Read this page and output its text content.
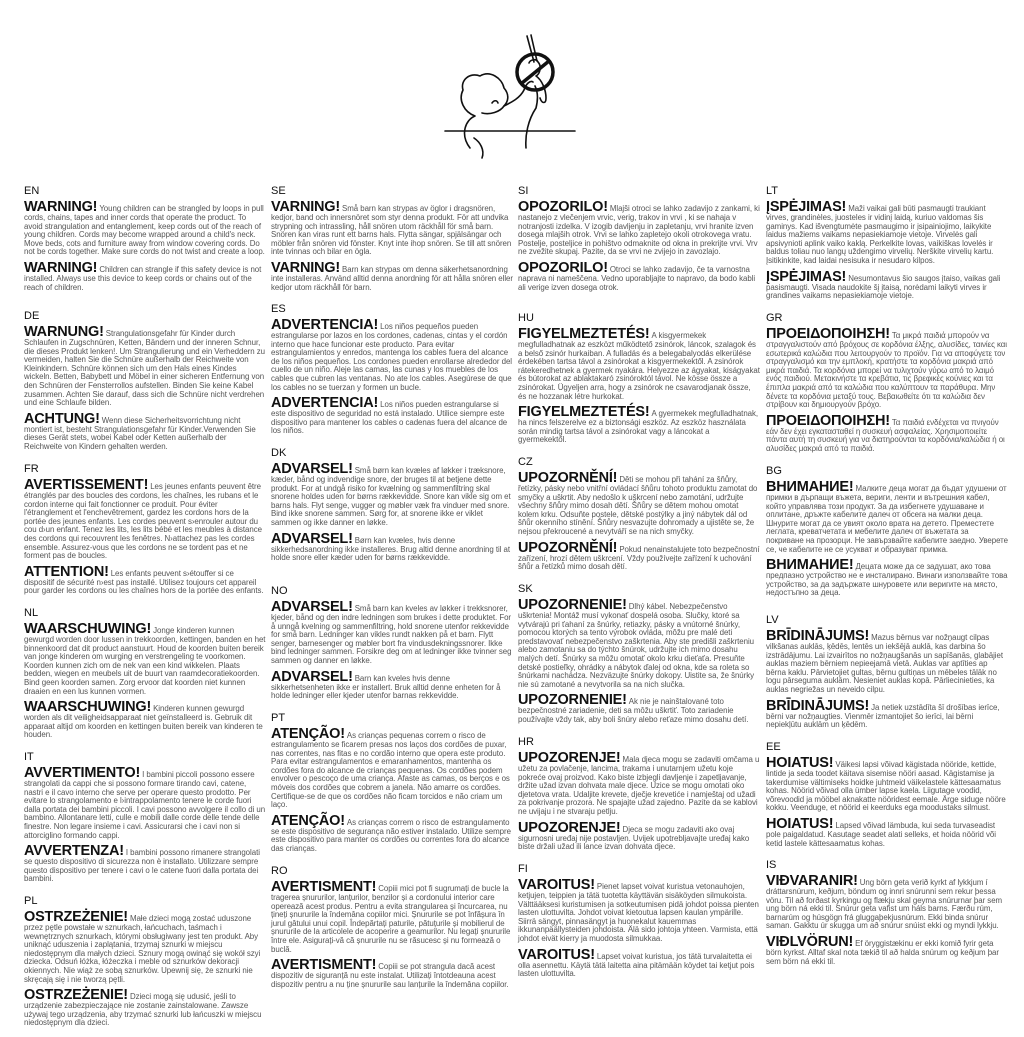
EN
WARNING! Young children can be strangled by loops in pull cords, chains, tapes and inner cords that operate the product. To avoid strangulation and entanglement, keep cords out of the reach of young children. Cords may become wrapped around a child's neck. Move beds, cots and furniture away from window covering cords. Do not be cords together. Make sure cords do not twist and create a loop.
WARNING! Children can strangle if this safety device is not installed. Always use this device to keep cords or chains out of the reach of children.
DE
WARNUNG! Strangulationsgefahr für Kinder durch Schlaufen in Zugschnüren, Ketten, Bändern und der inneren Schnur, die dieses Produkt lenken!. Um Strangulierung und ein Verheddern zu vermeiden, halten Sie die Schnüre außerhalb der Reichweite von Kleinkindern. Schnüre können sich um den Hals eines Kindes wickeln. Betten, Babybett und Möbel in einer sicheren Entfernung von den Schnüren der Fensterrollos aufstellen. Binden Sie keine Kabel zusammen. Achten Sie darauf, dass sich die Schnüre nicht verdrehen und eine Schlaufe bilden.
ACHTUNG! Wenn diese Sicherheitsvorrichtung nicht montiert ist, besteht Strangulationsgefahr für Kinder.Verwenden Sie dieses Gerät stets, wobei Kabel oder Ketten außerhalb der Reichweite von Kindern gehalten werden.
FR
AVERTISSEMENT! Les jeunes enfants peuvent être étranglés par des boucles des cordons, les chaînes, les rubans et le cordon interne qui fait fonctionner ce produit. Pour éviter l'étranglement et l'enchevêtrement, gardez les cordons hors de la portée des jeunes enfants. Les cordes peuvent s›enrouler autour du cou d›un enfant. Tenez les lits, les lits bébé et les meubles à distance des cordons qui recouvrent les fenêtres. N›attachez pas les cordes ensemble. Assurez-vous que les cordons ne se tordent pas et ne forment pas de boucles.
ATTENTION! Les enfants peuvent s›étouffer si ce dispositif de sécurité n›est pas installé. Utilisez toujours cet appareil pour garder les cordons ou les chaînes hors de la portée des enfants.
NL
WAARSCHUWING! Jonge kinderen kunnen gewurgd worden door lussen in trekkoorden, kettingen, banden en het binnenkoord dat dit product aanstuurt. Houd de koorden buiten bereik van jonge kinderen om wurging en verstrengeling te voorkomen. Koorden kunnen zich om de nek van een kind wikkelen. Plaats bedden, wiegen en meubels uit de buurt van raamdecoratiekoorden. Bind geen koorden samen. Zorg ervoor dat koorden niet kunnen draaien en een lus kunnen vormen.
WAARSCHUWING! Kinderen kunnen gewurgd worden als dit veiligheidsapparaat niet geïnstalleerd is. Gebruik dit apparaat altijd om koorden en kettingen buiten bereik van kinderen te houden.
IT
AVVERTIMENTO! I bambini piccoli possono essere strangolati da cappi che si possono formare tirando cavi, catene, nastri e il cavo interno che serve per operare questo prodotto. Per evitare lo strangolamento e l›intrappolamento tenere le corde fuori dalla portata dei bambini piccoli. I cavi possono avvolgere il collo di un bambino. Allontanare letti, culle e mobili dalle corde delle tende delle finestre. Non legare insieme i cavi. Assicurarsi che i cavi non si attorciglino formando cappi.
AVVERTENZA! I bambini possono rimanere strangolati se questo dispositivo di sicurezza non è installato. Utilizzare sempre questo dispositivo per tenere i cavi o le catene fuori dalla portata dei bambini.
PL
OSTRZEŻENIE! Małe dzieci mogą zostać uduszone przez pętle powstałe w sznurkach, łańcuchach, taśmach i wewnętrznych sznurkach, którymi obsługiwany jest ten produkt. Aby uniknąć uduszenia i zaplątania, trzymaj sznurki w miejscu niedostępnym dla małych dzieci. Sznury mogą owinąć się wokół szyi dziecka. Odsuń łóżka, łóżeczka i meble od sznurków dekoracji okiennych. Nie wiąż ze sobą sznurków. Upewnij się, że sznurki nie skręcają się i nie tworzą pętli.
OSTRZEŻENIE! Dzieci mogą się udusić, jeśli to urządzenie zabezpieczające nie zostanie zainstalowane. Zawsze używaj tego urządzenia, aby trzymać sznurki lub łańcuszki w miejscu niedostępnym dla dzieci.
SE
VARNING! Små barn kan strypas av öglor i dragsnören, kedjor, band och innersnöret som styr denna produkt. För att undvika strypning och intrassling, håll snören utom räckhåll för små barn. Snören kan viras runt ett barns hals. Flytta sängar, spjälsängar och möbler från snören vid fönster. Knyt inte ihop snören. Se till att snören inte tvinnas och bilar en ögla.
VARNING! Barn kan strypas om denna säkerhetsanordning inte installeras. Använd alltid denna anordning för att hålla snören eller kedjor utom räckhåll för barn.
ES
ADVERTENCIA! Los niños pequeños pueden estrangularse por lazos en los cordones, cadenas, cintas y el cordón interno que hace funcionar este producto. Para evitar estrangulamientos y enredos, mantenga los cables fuera del alcance de los niños pequeños. Los cordones pueden enrollarse alrededor del cuello de un niño. Aleje las camas, las cunas y los muebles de los cables que cubren las ventanas. No ate los cables. Asegúrese de que los cables no se tuerzan y formen un bucle.
ADVERTENCIA! Los niños pueden estrangularse si este dispositivo de seguridad no está instalado. Utilice siempre este dispositivo para mantener los cables o cadenas fuera del alcance de los niños.
DK
ADVARSEL! Små børn kan kvæles af løkker i træksnore, kæder, bånd og indvendige snore, der bruges til at betjene dette produkt. For at undgå risiko for kvælning og sammenfiltring skal snorene holdes uden for børns rækkevidde. Snore kan vikle sig om et barns hals. Flyt senge, vugger og møbler væk fra vinduer med snore. Bind ikke snorene sammen. Sørg for, at snorene ikke er viklet sammen og ikke danner en løkke.
ADVARSEL! Børn kan kvæles, hvis denne sikkerhedsanordning ikke installeres. Brug altid denne anordning til at holde snore eller kæder uden for børns rækkevidde.
NO
ADVARSEL! Små barn kan kveles av løkker i trekksnorer, kjeder, bånd og den indre ledningen som brukes i dette produktet. For å unngå kvelning og sammenfiltring, hold snorene utenfor rekkevidde for små barn. Ledninger kan vikles rundt nakken på et barn. Flytt senger, barnesenger og møbler bort fra vindusdekningssnorer. Ikke bind ledninger sammen. Forsikre deg om at ledninger ikke tvinner seg sammen og danner en løkke.
ADVARSEL! Barn kan kveles hvis denne sikkerhetsenheten ikke er installert. Bruk alltid denne enheten for å holde ledninger eller kjeder utenfor barnas rekkevidde.
PT
ATENÇÃO! As crianças pequenas correm o risco de estrangulamento se ficarem presas nos laços dos cordões de puxar, nas correntes, nas fitas e no cordão interno que opera este produto. Para evitar estrangulamentos e emaranhamentos, mantenha os cordões fora do alcance de crianças pequenas. Os cordões podem envolver o pescoço de uma criança. Afaste as camas, os berços e os móveis dos cordões que cobrem a janela. Não amarre os cordões. Certifique-se de que os cordões não ficam torcidos e não criam um laço.
ATENÇÃO! As crianças correm o risco de estrangulamento se este dispositivo de segurança não estiver instalado. Utilize sempre este dispositivo para manter os cordões ou correntes fora do alcance das crianças.
RO
AVERTISMENT! Copiii mici pot fi sugrumați de bucle la tragerea șnururilor, lanțurilor, benzilor și a cordonului interior care operează acest produs. Pentru a evita strangularea și încurcarea, nu țineți șnururile la îndemâna copiilor mici. Șnururile se pot înfășura în jurul gâtului unui copil. Îndepărtați paturile, pătuțurile și mobilierul de șnururile de la articolele de acoperire a geamurilor. Nu legați șnururile între ele. Asigurați-vă că șnururile nu se răsucesc și nu formează o buclă.
AVERTISMENT! Copiii se pot strangula dacă acest dispozitiv de siguranță nu este instalat. Utilizați întotdeauna acest dispozitiv pentru a nu ține șnururile sau lanțurile la îndemâna copiilor.
SI
OPOZORILO! Mlajši otroci se lahko zadavijo z zankami, ki nastanejo z vlečenjem vrvic, verig, trakov in vrvi , ki se nahaja v notranjosti izdelka. V izogib davljenju in zapletanju, vrvi hranite izven dosega mlajših otrok. Vrvi se lahko zapletejo okoli otrokovega vratu. Postelje, posteljice in pohištvo odmaknite od okna in prekrijte vrvi. Vrv ne zvežite skupaj. Pazite, da se vrvi ne zvijejo in zavozlajo.
OPOZORILO! Otroci se lahko zadavijo, če ta varnostna naprava ni nameščena. Vedno uporabljajte to napravo, da bodo kabli ali verige izven dosega otrok.
HU
FIGYELMEZTETÉS! A kisgyermekek megfulladhatnak az eszközt működtető zsinórok, láncok, szalagok és a belső zsinór hurkaiban. A fulladás és a belegabalyodás elkerülése érdekében tartsa távol a zsinórokat a kisgyermekektől. A zsinórok rátekeredhetnek a gyermek nyakára. Helyezze az ágyakat, kiságyakat és bútorokat az ablaktakaró zsinóroktól távol. Ne kösse össze a zsinórokat. Ügyeljen arra, hogy a zsinórok ne csavarodjanak össze, és ne hozzanak létre hurkokat.
FIGYELMEZTETÉS! A gyermekek megfulladhatnak, ha nincs felszerelve ez a biztonsági eszköz. Az eszköz használata során mindig tartsa távol a zsinórokat vagy a láncokat a gyermekektől.
CZ
UPOZORNĚNÍ! Děti se mohou při tahání za šňůry, řetízky, pásky nebo vnitřní ovládací šňůru tohoto produktu zamotat do smyčky a uškrtit. Aby nedošlo k uškrcení nebo zamotání, udržujte všechny šňůry mimo dosah dětí. Šňůry se dětem mohou omotat kolem krku. Odsuňte postele, dětské postýlky a jiný nábytek dál od šňůr okenního stínění. Šňůry nesvazujte dohromady a ujistěte se, že nejsou překroucené a nevytváří se na nich smyčky.
UPOZORNĚNÍ! Pokud nenainstalujete toto bezpečnostní zařízení, hrozí dětem uškrcení. Vždy používejte zařízení k uchování šňůr a řetízků mimo dosah dětí.
SK
UPOZORNENIE! Dlhý kábel. Nebezpečenstvo uškrtenia! Montáž musí vykonať dospelá osoba. Slučky, ktoré sa vytvárajú pri ťahaní za šnúrky, retiazky, pásky a vnútorné šnúrky, pomocou ktorých sa tento výrobok ovláda, môžu pre malé deti predstavovať nebezpečenstvo zaškrtenia. Aby ste predišli zaškrteniu alebo zamotaniu sa do týchto šnúrok, udržujte ich mimo dosahu malých detí. Šnúrky sa môžu omotať okolo krku dieťaťa. Presuňte detské postieľky, ohrádky a nábytok ďalej od okna, kde sa roleta so šnúrkami nachádza. Nezväzujte šnúrky dokopy. Uistite sa, že šnúrky nie sú zamotané a nevytvorila sa na nich slučka.
UPOZORNENIE! Ak nie je nainštalované toto bezpečnostné zariadenie, deti sa môžu uškrtiť. Toto zariadenie používajte vždy tak, aby boli šnúry alebo reťaze mimo dosahu detí.
HR
UPOZORENJE! Mala djeca mogu se zadaviti omčama u užetu za povlačenje, lancima, trakama i unutarnjem užetu koje pokreće ovaj proizvod. Kako biste izbjegli davljenje i zapetljavanje, držite užad izvan dohvata male djece. Uzice se mogu omotati oko djetetova vrata. Udaljite krevete, dječje krevetiće i namještaj od užadi za pokrivanje prozora. Ne spajajte užad zajedno. Pazite da se kablovi ne uvijaju i ne stvaraju petlju.
UPOZORENJE! Djeca se mogu zadaviti ako ovaj sigurnosni uređaj nije postavljen. Uvijek upotrebljavajte uređaj kako biste držali užad ili lance izvan dohvata djece.
FI
VAROITUS! Pienet lapset voivat kuristua vetonauhojen, ketjujen, teippien ja tätä tuotetta käyttävän sisäköyden silmukoista. Välttääksesi kuristumisen ja sotkeutumisen pidä johdot poissa pienten lasten ulottuvilta. Johdot voivat kietoutua lapsen kaulan ympärille. Siirrä sängyt, pinnasängyt ja huonekalut kauemmas ikkunanpäällysteiden johdoista. Älä sido johtoja yhteen. Varmista, että johdot eivät kierry ja muodosta silmukkaa.
VAROITUS! Lapset voivat kuristua, jos tätä turvalaitetta ei olla asennettu. Käytä tätä laitetta aina pitämään köydet tai ketjut pois lasten ulottuvilta.
LT
ĮSPĖJIMAS! Maži vaikai gali būti pasmaugti traukiant virves, grandinėles, juosteles ir vidinį laidą, kuriuo valdomas šis gaminys. Kad išvengtumėte pasmaugimo ir įsipainiojimo, laikykite laidus mažiems vaikams nepasiekiamoje vietoje. Virvelės gali apsivynioti aplink vaiko kaklą. Perkelkite lovas, vaikiškas lovelės ir baldus toliau nuo langų uždengimo virvelių. Nerškite virvelių kartu. Įsitikinkite, kad laidai nesisuka ir nesudaro kilpos.
ĮSPĖJIMAS! Nesumontavus šio saugos įtaiso, vaikas gali pasismaugti. Visada naudokite šį įtaisą, norėdami laikyti virves ir grandines vaikams nepasiekiamoje vietoje.
GR
ΠΡΟΕΙΔΟΠΟΙΗΣΗ! Τα μικρά παιδιά μπορούν να στραγγαλιστούν από βρόχους σε κορδόνια έλξης, αλυσίδες, ταινίες και εσωτερικά καλώδια που λειτουργούν το προϊόν. Για να αποφύγετε τον στραγγαλισμό και την εμπλοκή, κρατήστε τα κορδόνια μακριά από μικρά παιδιά. Τα κορδόνια μπορεί να τυλιχτούν γύρω από το λαιμό ενός παιδιού. Μετακινήστε τα κρεβάτια, τις βρεφικές κούνιες και τα έπιπλα μακριά από τα καλώδια που καλύπτουν τα παράθυρα. Μην δένετε τα κορδόνια μεταξύ τους. Βεβαιωθείτε ότι τα καλώδια δεν στρίβουν και δημιουργούν βρόχο.
ΠΡΟΕΙΔΟΠΟΙΗΣΗ! Τα παιδιά ενδέχεται να πνιγούν εάν δεν έχει εγκατασταθεί η συσκευή ασφαλείας. Χρησιμοποιείτε πάντα αυτή τη συσκευή για να διατηρούνται τα κορδόνια/καλώδια ή οι αλυσίδες μακριά από τα παιδιά.
BG
ВНИМАНИЕ! Малките деца могат да бъдат удушени от примки в дърпащи въжета, вериги, ленти и вътрешния кабел, който управлява този продукт. За да избегнете удушаване и оплитане, дръжте кабелите далеч от обсега на малки деца. Шнурите могат да се увият около врата на детето. Преместете леглата, креватчетата и мебелите далеч от въжетата за покриване на прозорци. Не завързвайте кабелите заедно. Уверете се, че кабелите не се усукват и образуват примка.
ВНИМАНИЕ! Децата може да се задушат, ако това предпазно устройство не е инсталирано. Винаги използвайте това устройство, за да задържате шнуровете или веригите на място, недостъпно за деца.
LV
BRĪDINĀJUMS! Mazus bērnus var nožņaugt cilpas vilkšanas auklās, ķēdēs, lentēs un iekšējā auklā, kas darbina šo izstrādājumu. Lai izvairītos no nožņaugšanās un sapīšanās, glabājiet auklas maziem bērniem nepieejamā vietā. Auklas var aptīties ap bērna kaklu. Pārvietojiet gultas, bērnu gultiņas un mēbeles tālāk no logu pārseguma auklām. Nesieniet auklas kopā. Pārliecinieties, ka auklas negriežas un neveido cilpu.
BRĪDINĀJUMS! Ja netiek uzstādīta šī drošības ierīce, bērni var nožņaugties. Vienmēr izmantojiet šo ierīci, lai bērni nepiekļūtu auklām un ķēdēm.
EE
HOIATUS! Väikesi lapsi võivad kägistada nööride, kettide, lintide ja seda toodet käitava sisemise nööri aasad. Kägistamise ja takerdumise vältimiseks hoidke juhtmeid väikelastele kättesaamatus kohas. Nöörid võivad olla ümber lapse kaela. Liigutage voodid, võrevoodid ja mööbel aknakatte nööridest eemale. Ärge siduge nööre kokku. Veenduge, et nöörid ei keerduks ega moodustaks silmust.
HOIATUS! Lapsed võivad lämbuda, kui seda turvaseadist pole paigaldatud. Kasutage seadet alati selleks, et hoida nöörid või ketid lastele kättesaamatus kohas.
IS
VIÐVARANIR! Ung börn geta verið kyrkt af lykkjum í dráttarsnúrum, keðjum, böndum og innri snúrunni sem rekur þessa vöru. Til að forðast kyrkingu og flækju skal geyma snúrurnar þar sem ung börn ná ekki til. Snúrur geta vafist um háls barns. Færðu rúm, barnarúm og húsgögn frá gluggaþekjusnúrum. Ekki binda snúrur saman. Gakktu úr skugga um að snúrur snúist ekki og myndi lykkju.
VIÐLVÖRUN! Ef öryggistækinu er ekki komið fyrir geta börn kyrkst. Alltaf skal nota tækið til að halda snúrum og keðjum þar sem börn ná ekki til.
